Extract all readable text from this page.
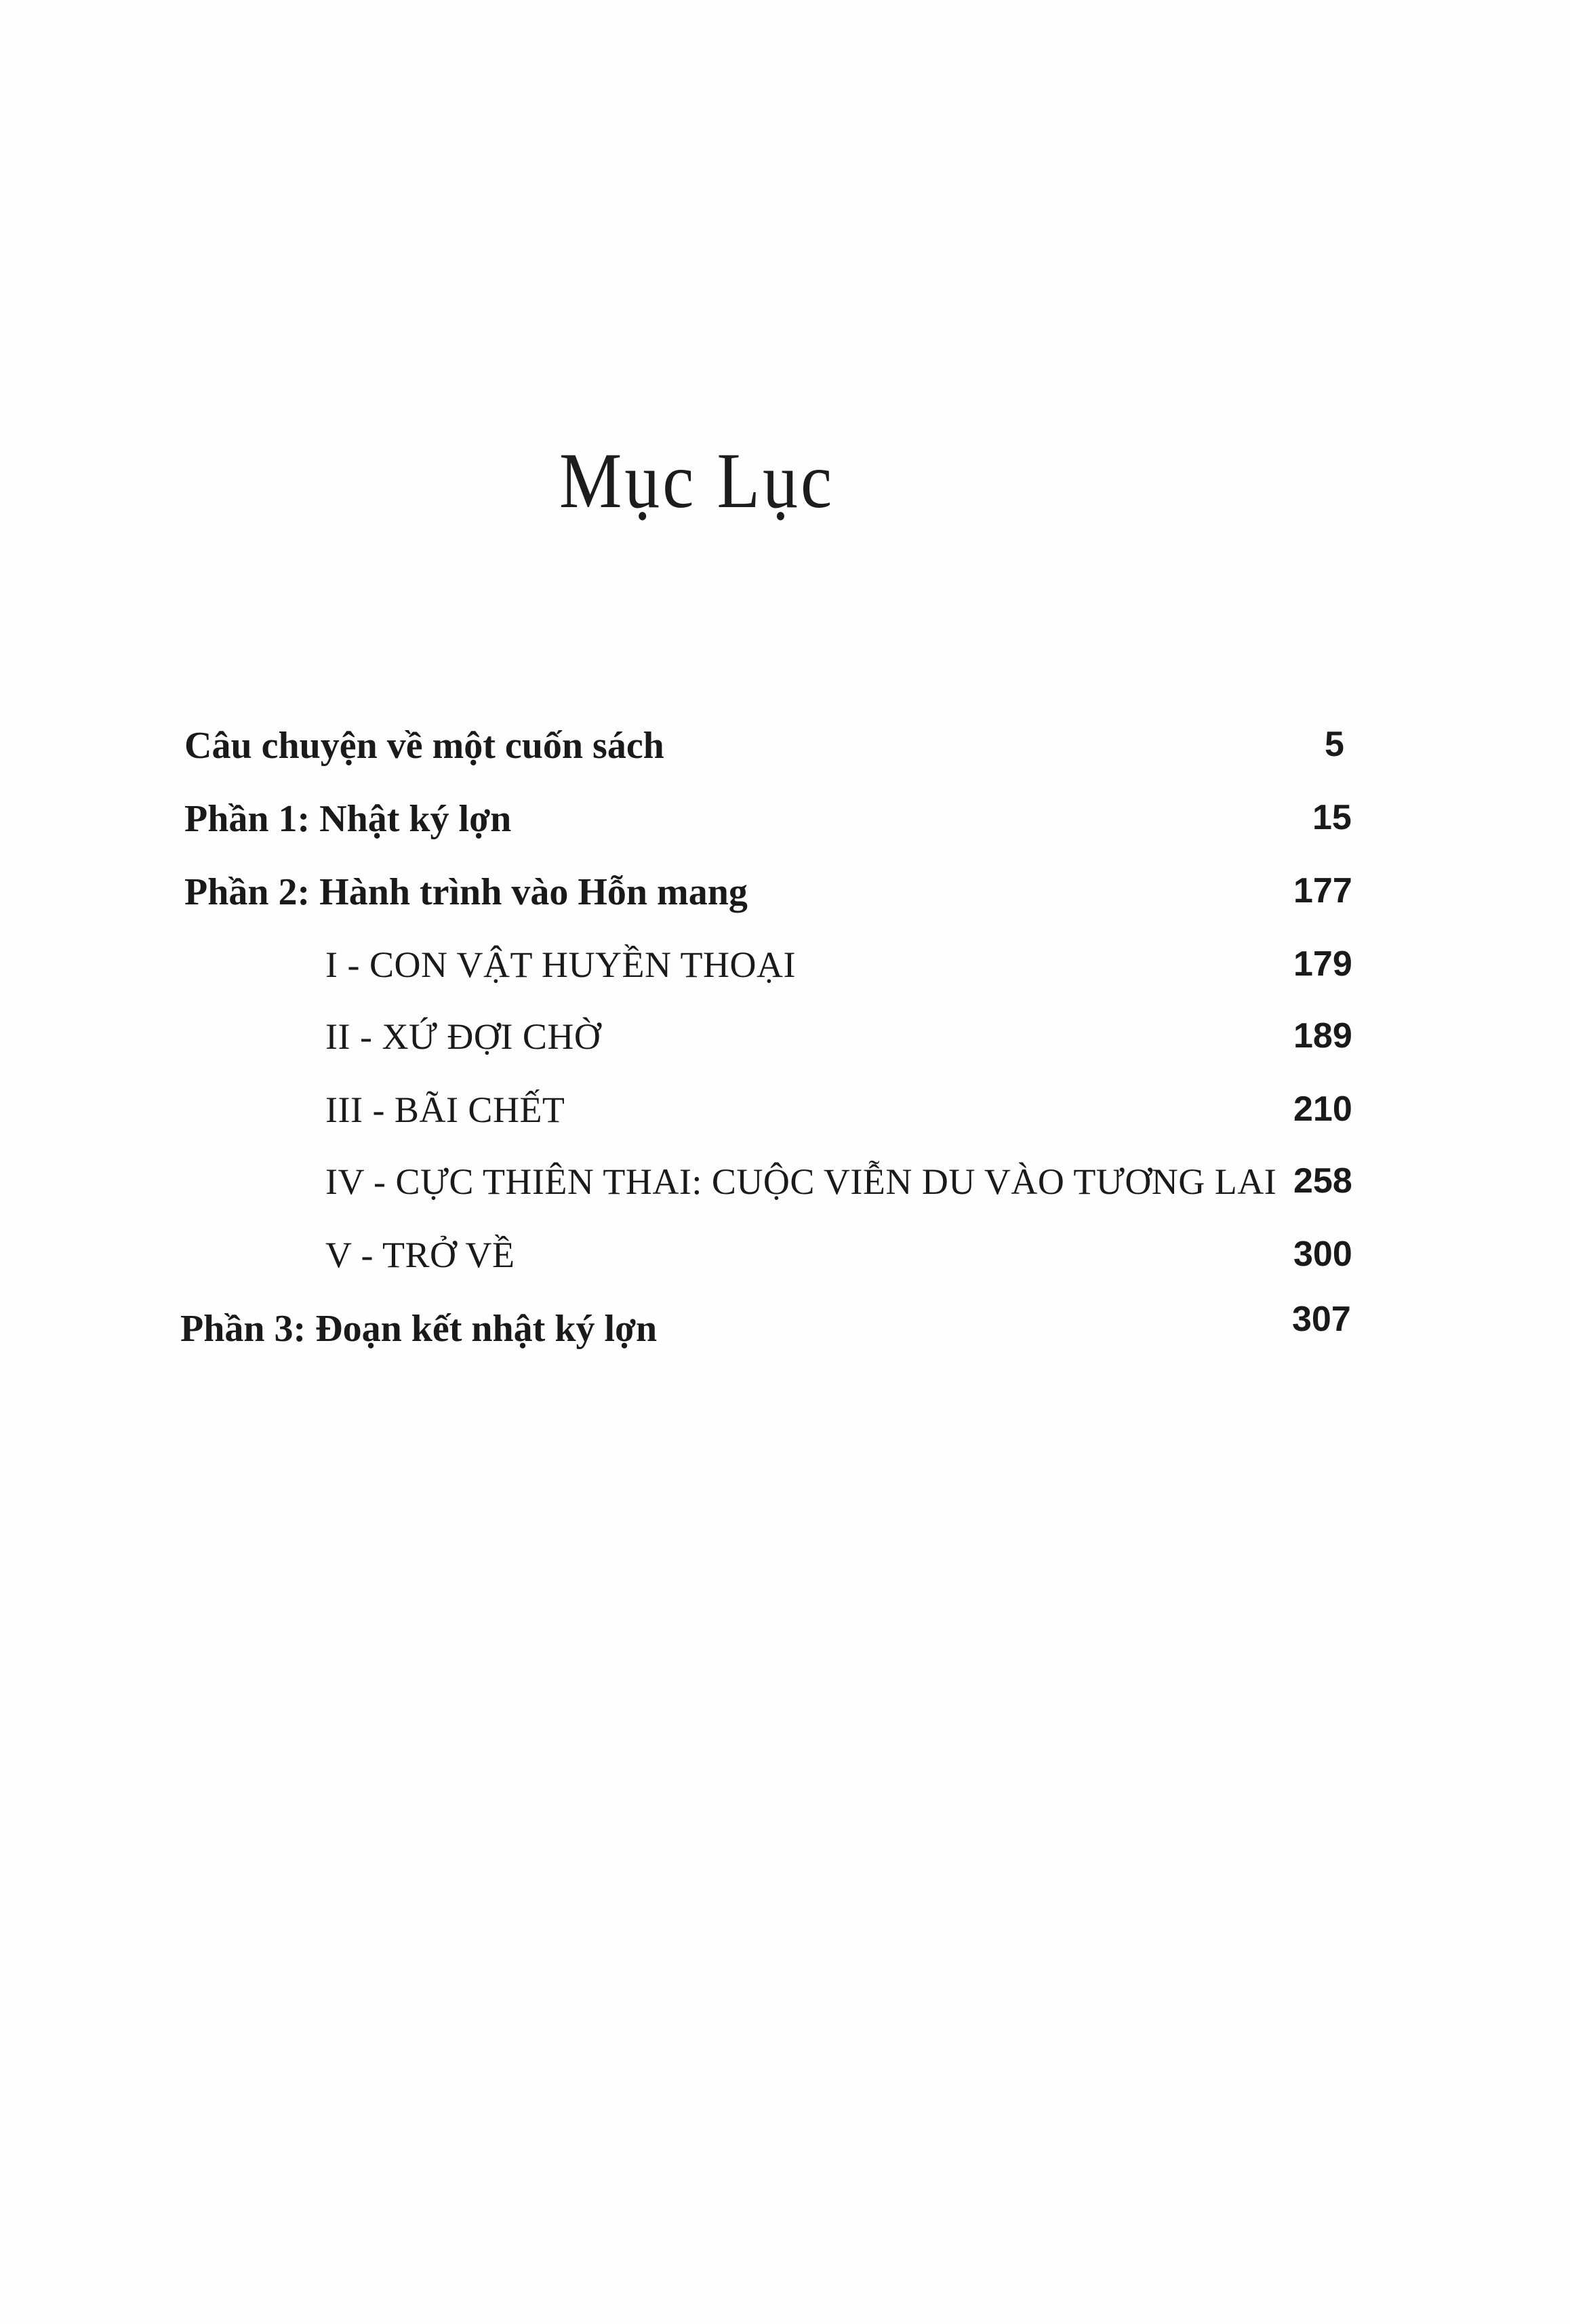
Mục Lục
Câu chuyện về một cuốn sách	5
Phần 1: Nhật ký lợn	15
Phần 2: Hành trình vào Hỗn mang	177
I - CON VẬT HUYỀN THOẠI	179
II - XỨ ĐỢI CHỜ	189
III - BÃI CHẾT	210
IV - CỰC THIÊN THAI: CUỘC VIỄN DU VÀO TƯƠNG LAI 258
V - TRỞ VỀ	300
Phần 3: Đoạn kết nhật ký lợn	307
